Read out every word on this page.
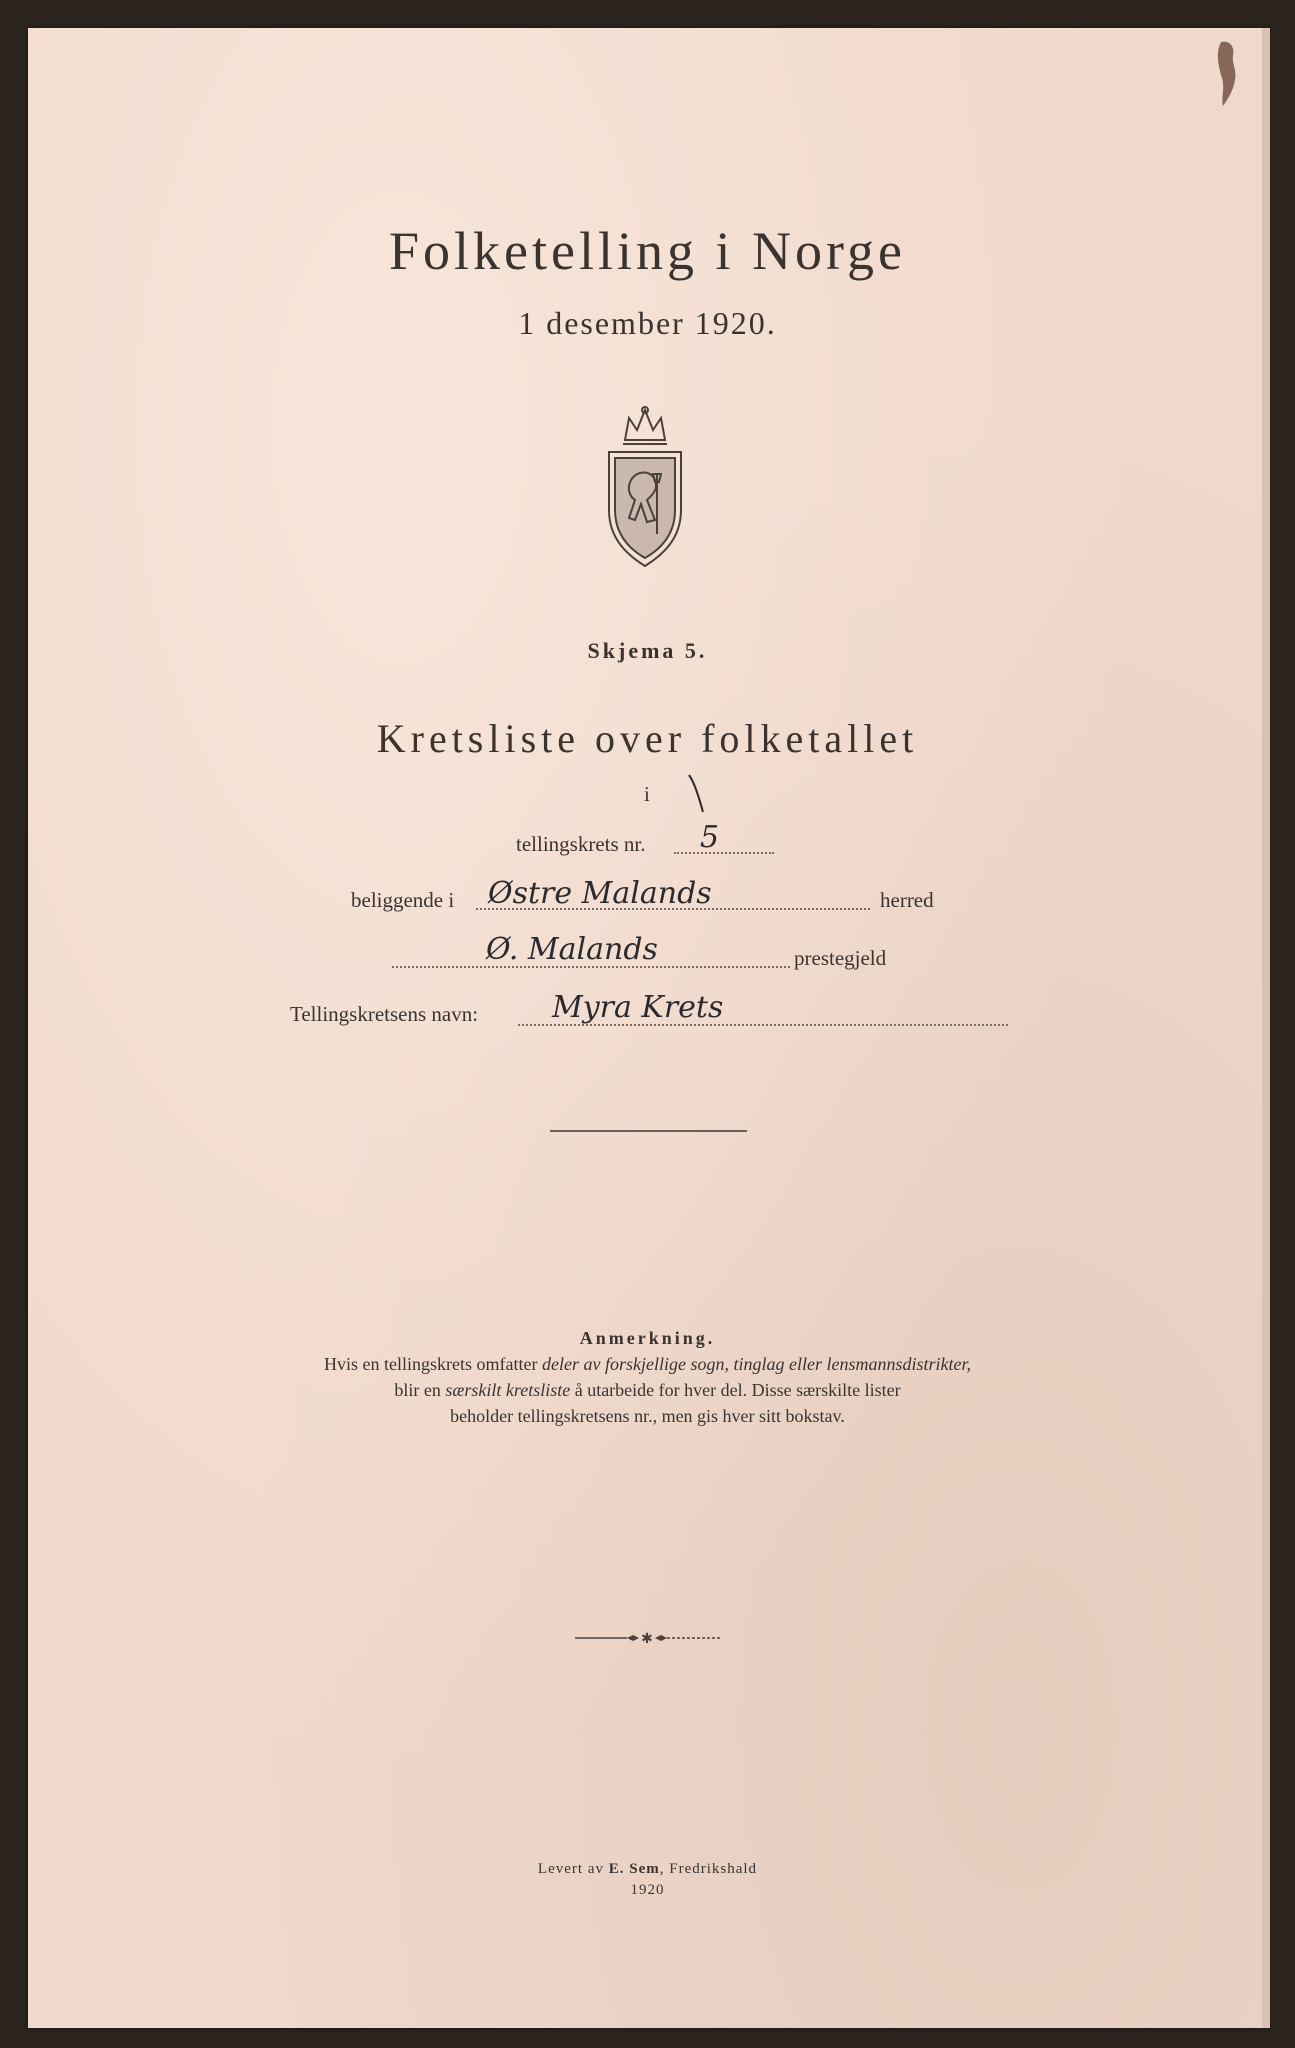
Folketelling i Norge
1 desember 1920.
Skjema 5.
Kretsliste over folketallet
i
tellingskrets nr. 5
beliggende i Østre Malands	herred
Ø. Malands	prestegjeld
Tellingskretsens navn: Myra Krets
Anmerkning.
Hvis en tellingskrets omfatter deler av forskjellige sogn, tinglag eller lensmannsdistrikter,
blir en særskilt kretsliste å utarbeide for hver del. Disse særskilte lister
beholder tellingskretsens nr., men gis hver sitt bokstav.
✱
Levert av E. Sem, Fredrikshald
1920
